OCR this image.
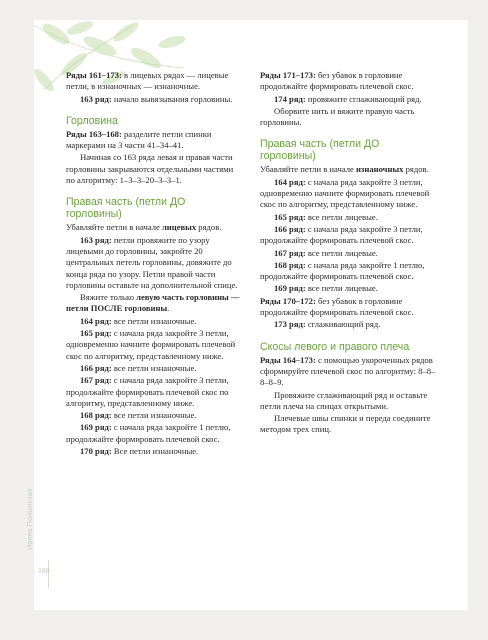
Ряды 161–173: в лицевых рядах — лицевые петли, в изнаночных — изнаночные.

163 ряд: начало вывязывания горловины.

Горловина

Ряды 163–168: разделите петли спинки маркерами на 3 части 41–34–41.

Начиная со 163 ряда левая и правая части горловины закрываются отдельными частями по алгоритму: 1–3–3–20–3–3–1.

Правая часть (петли ДО горловины)

Убавляйте петли в начале лицевых рядов.

163 ряд: петли провяжите по узору лицевыми до горловины, закройте 20 центральных петель горловины, довяжите до конца ряда по узору. Петли правой части горловины оставьте на дополнительной спице.

Вяжите только левую часть горловины — петли ПОСЛЕ горловины.

164 ряд: все петли изнаночные.

165 ряд: с начала ряда закройте 3 петли, одновременно начните формировать плечевой скос по алгоритму, представленному ниже.

166 ряд: все петли изнаночные.

167 ряд: с начала ряда закройте 3 петли, продолжайте формировать плечевой скос по алгоритму, представленному ниже.

168 ряд: все петли изнаночные.

169 ряд: с начала ряда закройте 1 петлю, продолжайте формировать плечевой скос.

170 ряд: Все петли изнаночные.

Ряды 171–173: без убавок в горловине продолжайте формировать плечевой скос.

174 ряд: провяжите сглаживающий ряд.

Оборвите нить и вяжите правую часть горловины.

Правая часть (петли ДО горловины)

Убавляйте петли в начале изнаночных рядов.

164 ряд: с начала ряда закройте 3 петли, одновременно начните формировать плечевой скос по алгоритму, представленному ниже.

165 ряд: все петли лицевые.

166 ряд: с начала ряда закройте 3 петли, продолжайте формировать плечевой скос.

167 ряд: все петли лицевые.

168 ряд: с начала ряда закройте 1 петлю, продолжайте формировать плечевой скос.

169 ряд: все петли лицевые.

Ряды 170–172: без убавок в горловине продолжайте формировать плечевой скос.

173 ряд: сглаживающий ряд.

Скосы левого и правого плеча

Ряды 164–173: с помощью укороченных рядов сформируйте плечевой скос по алгоритму: 8–8–8–8–9.

Провяжите сглаживающий ряд и оставьте петли плеча на спицах открытыми.

Плечевые швы спинки и переда соедините методом трех спиц.

Ирина Полынская
168
